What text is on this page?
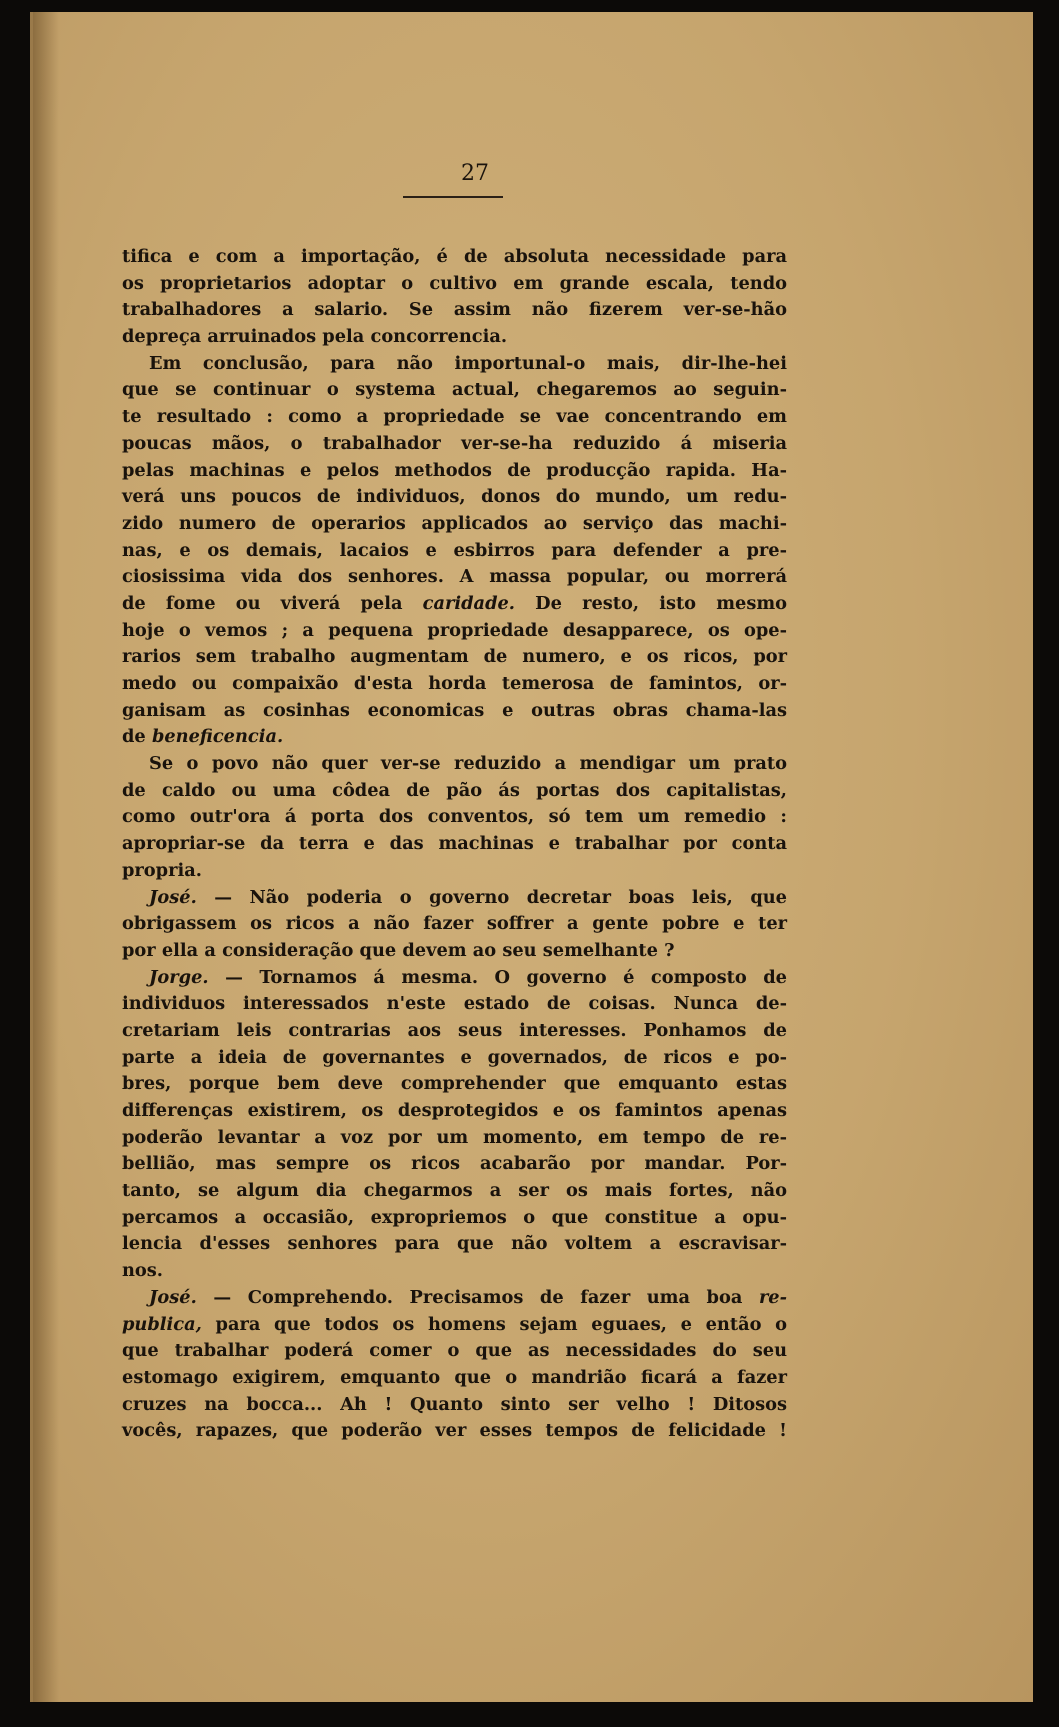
27
tifica e com a importação, é de absoluta necessidade para
os proprietarios adoptar o cultivo em grande escala, tendo
trabalhadores a salario. Se assim não fizerem ver-se-hão
depreça arruinados pela concorrencia.
Em conclusão, para não importunal-o mais, dir-lhe-hei
que se continuar o systema actual, chegaremos ao seguin-
te resultado : como a propriedade se vae concentrando em
poucas mãos, o trabalhador ver-se-ha reduzido á miseria
pelas machinas e pelos methodos de producção rapida. Ha-
verá uns poucos de individuos, donos do mundo, um redu-
zido numero de operarios applicados ao serviço das machi-
nas, e os demais, lacaios e esbirros para defender a pre-
ciosissima vida dos senhores. A massa popular, ou morrerá
de fome ou viverá pela caridade. De resto, isto mesmo
hoje o vemos ; a pequena propriedade desapparece, os ope-
rarios sem trabalho augmentam de numero, e os ricos, por
medo ou compaixão d'esta horda temerosa de famintos, or-
ganisam as cosinhas economicas e outras obras chama-las
de beneficencia.
Se o povo não quer ver-se reduzido a mendigar um prato
de caldo ou uma côdea de pão ás portas dos capitalistas,
como outr'ora á porta dos conventos, só tem um remedio :
apropriar-se da terra e das machinas e trabalhar por conta
propria.
José. — Não poderia o governo decretar boas leis, que
obrigassem os ricos a não fazer soffrer a gente pobre e ter
por ella a consideração que devem ao seu semelhante ?
Jorge. — Tornamos á mesma. O governo é composto de
individuos interessados n'este estado de coisas. Nunca de-
cretariam leis contrarias aos seus interesses. Ponhamos de
parte a ideia de governantes e governados, de ricos e po-
bres, porque bem deve comprehender que emquanto estas
differenças existirem, os desprotegidos e os famintos apenas
poderão levantar a voz por um momento, em tempo de re-
bellião, mas sempre os ricos acabarão por mandar. Por-
tanto, se algum dia chegarmos a ser os mais fortes, não
percamos a occasião, expropriemos o que constitue a opu-
lencia d'esses senhores para que não voltem a escravisar-
nos.
José. — Comprehendo. Precisamos de fazer uma boa re-
publica, para que todos os homens sejam eguaes, e então o
que trabalhar poderá comer o que as necessidades do seu
estomago exigirem, emquanto que o mandrião ficará a fazer
cruzes na bocca... Ah ! Quanto sinto ser velho ! Ditosos
vocês, rapazes, que poderão ver esses tempos de felicidade !
